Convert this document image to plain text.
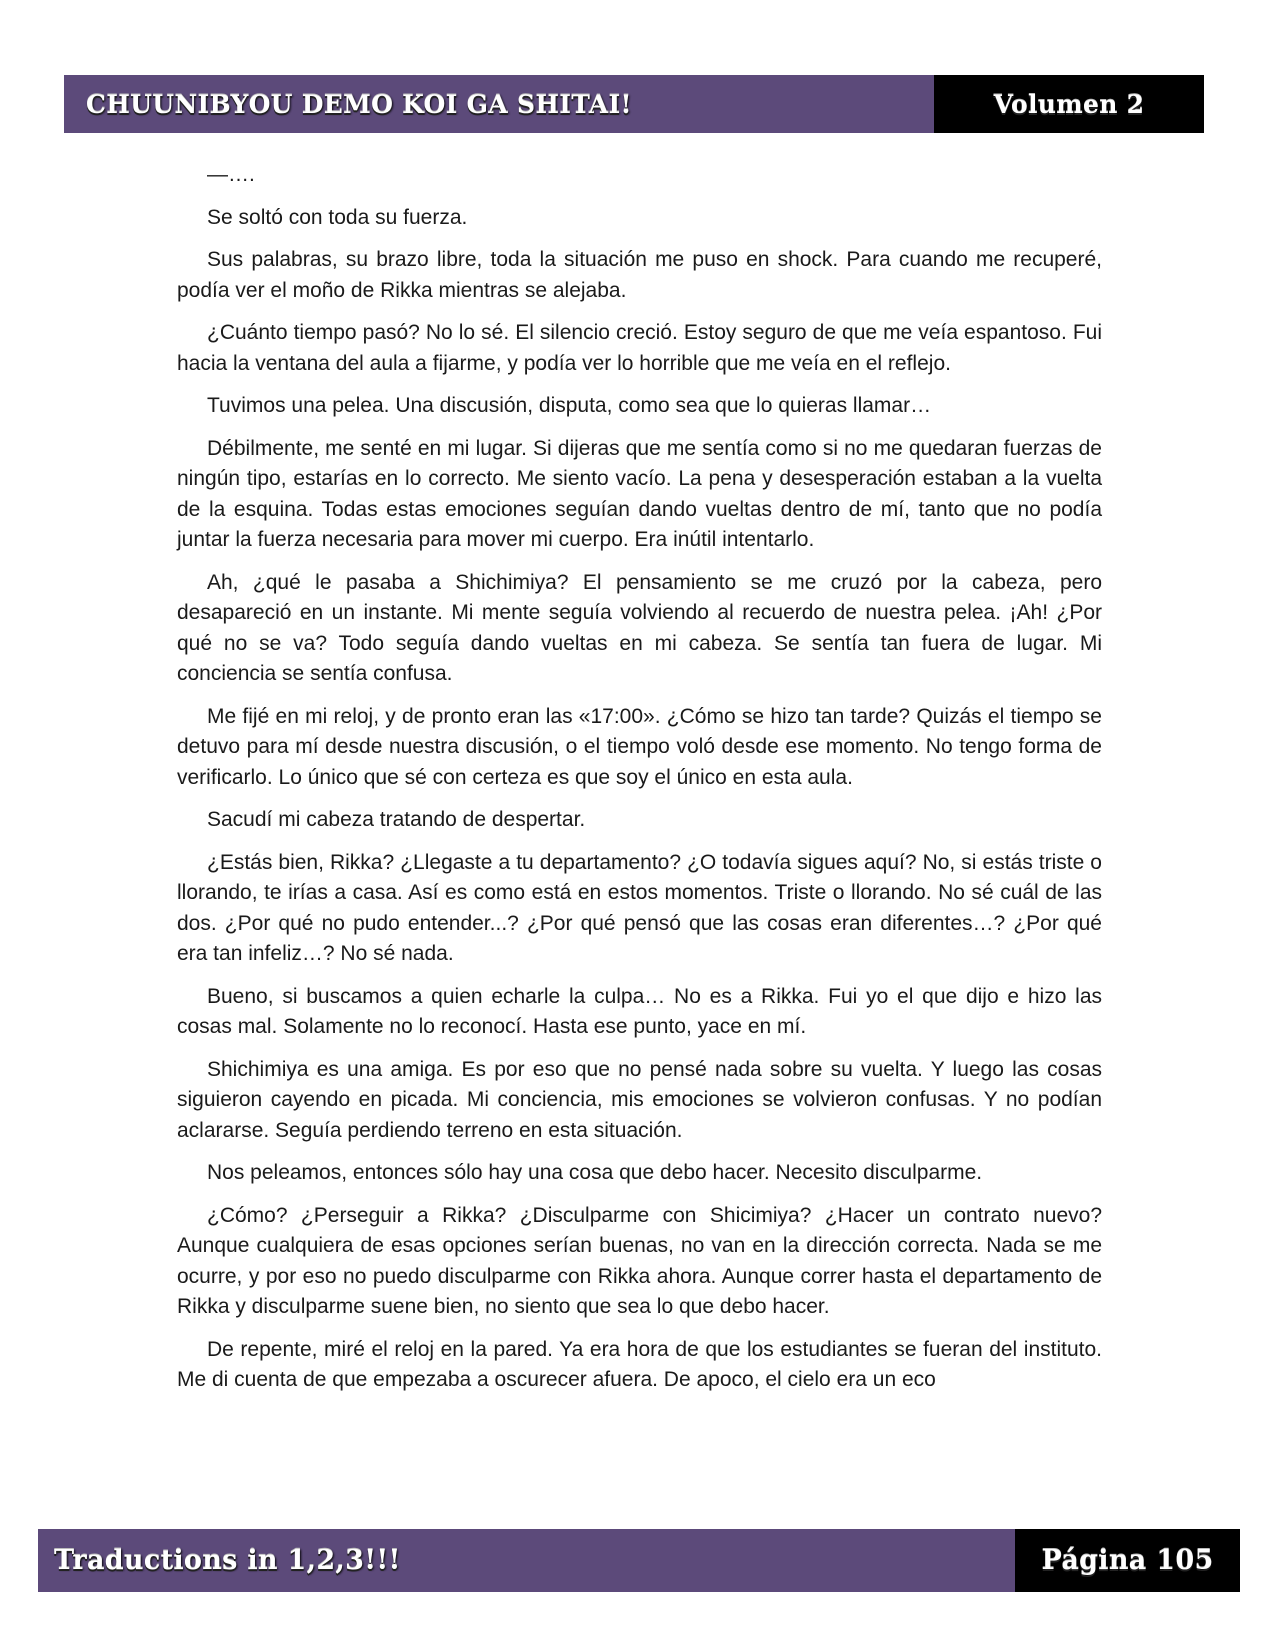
CHUUNIBYOU DEMO KOI GA SHITAI!	Volumen 2

—….

Se soltó con toda su fuerza.

Sus palabras, su brazo libre, toda la situación me puso en shock. Para cuando me recuperé, podía ver el moño de Rikka mientras se alejaba.

¿Cuánto tiempo pasó? No lo sé. El silencio creció. Estoy seguro de que me veía espantoso. Fui hacia la ventana del aula a fijarme, y podía ver lo horrible que me veía en el reflejo.

Tuvimos una pelea. Una discusión, disputa, como sea que lo quieras llamar…

Débilmente, me senté en mi lugar. Si dijeras que me sentía como si no me quedaran fuerzas de ningún tipo, estarías en lo correcto. Me siento vacío. La pena y desesperación estaban a la vuelta de la esquina. Todas estas emociones seguían dando vueltas dentro de mí, tanto que no podía juntar la fuerza necesaria para mover mi cuerpo. Era inútil intentarlo.

Ah, ¿qué le pasaba a Shichimiya? El pensamiento se me cruzó por la cabeza, pero desapareció en un instante. Mi mente seguía volviendo al recuerdo de nuestra pelea. ¡Ah! ¿Por qué no se va? Todo seguía dando vueltas en mi cabeza. Se sentía tan fuera de lugar. Mi conciencia se sentía confusa.

Me fijé en mi reloj, y de pronto eran las «17:00». ¿Cómo se hizo tan tarde? Quizás el tiempo se detuvo para mí desde nuestra discusión, o el tiempo voló desde ese momento. No tengo forma de verificarlo. Lo único que sé con certeza es que soy el único en esta aula.

Sacudí mi cabeza tratando de despertar.

¿Estás bien, Rikka? ¿Llegaste a tu departamento? ¿O todavía sigues aquí? No, si estás triste o llorando, te irías a casa. Así es como está en estos momentos. Triste o llorando. No sé cuál de las dos. ¿Por qué no pudo entender...? ¿Por qué pensó que las cosas eran diferentes…? ¿Por qué era tan infeliz…? No sé nada.

Bueno, si buscamos a quien echarle la culpa… No es a Rikka. Fui yo el que dijo e hizo las cosas mal. Solamente no lo reconocí. Hasta ese punto, yace en mí.

Shichimiya es una amiga. Es por eso que no pensé nada sobre su vuelta. Y luego las cosas siguieron cayendo en picada. Mi conciencia, mis emociones se volvieron confusas. Y no podían aclararse. Seguía perdiendo terreno en esta situación.

Nos peleamos, entonces sólo hay una cosa que debo hacer. Necesito disculparme.

¿Cómo? ¿Perseguir a Rikka? ¿Disculparme con Shicimiya? ¿Hacer un contrato nuevo? Aunque cualquiera de esas opciones serían buenas, no van en la dirección correcta. Nada se me ocurre, y por eso no puedo disculparme con Rikka ahora. Aunque correr hasta el departamento de Rikka y disculparme suene bien, no siento que sea lo que debo hacer.

De repente, miré el reloj en la pared. Ya era hora de que los estudiantes se fueran del instituto. Me di cuenta de que empezaba a oscurecer afuera. De apoco, el cielo era un eco

Traductions in 1,2,3!!!	Página 105
